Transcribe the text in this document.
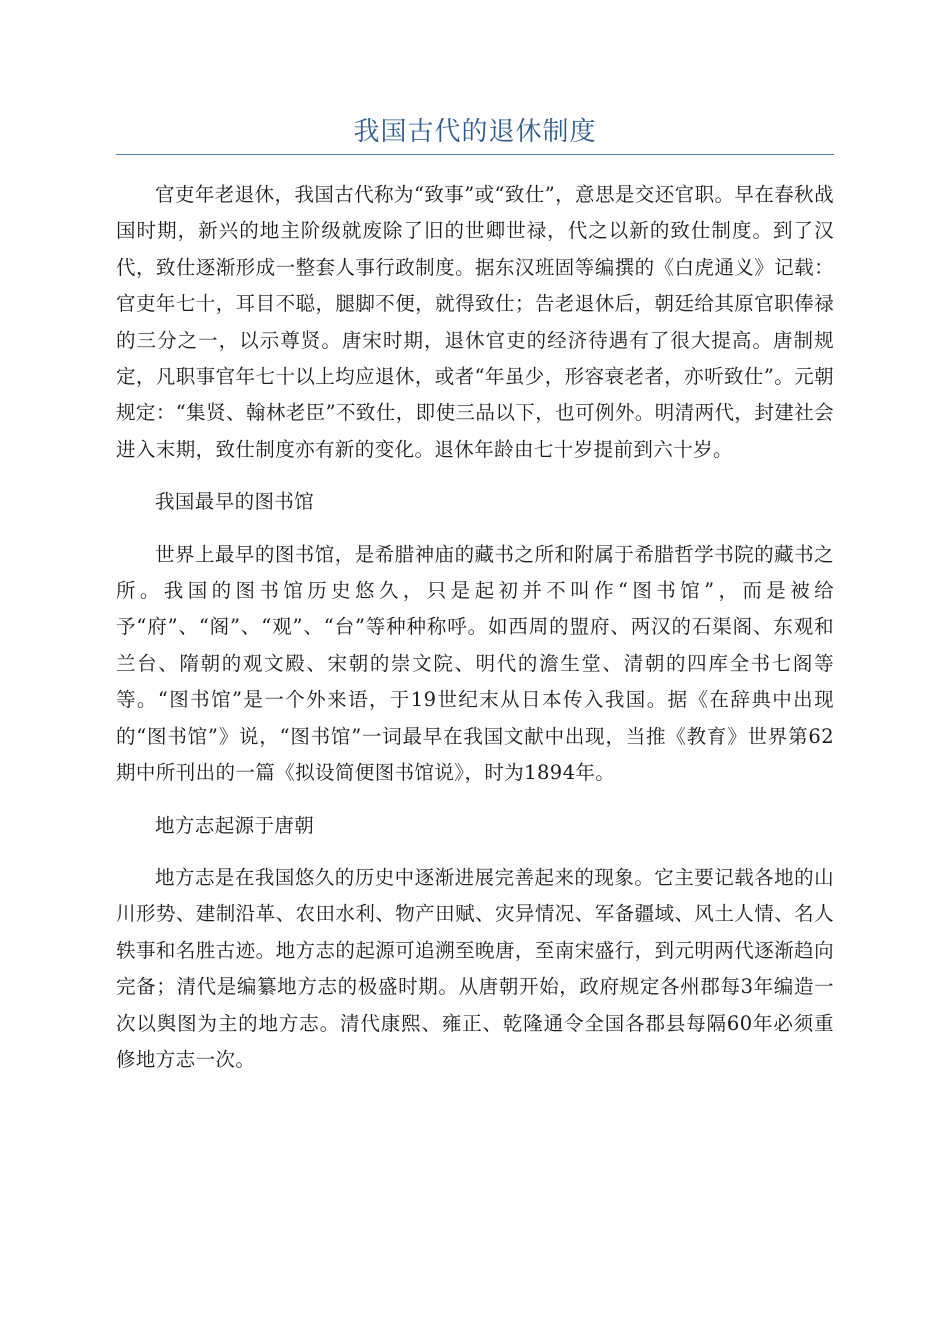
我国古代的退休制度

官吏年老退休，我国古代称为“致事”或“致仕”，意思是交还官职。早在春秋战国时期，新兴的地主阶级就废除了旧的世卿世禄，代之以新的致仕制度。到了汉代，致仕逐渐形成一整套人事行政制度。据东汉班固等编撰的《白虎通义》记载：官吏年七十，耳目不聪，腿脚不便，就得致仕；告老退休后，朝廷给其原官职俸禄的三分之一，以示尊贤。唐宋时期，退休官吏的经济待遇有了很大提高。唐制规定，凡职事官年七十以上均应退休，或者“年虽少，形容衰老者，亦听致仕”。元朝规定：“集贤、翰林老臣”不致仕，即使三品以下，也可例外。明清两代，封建社会进入末期，致仕制度亦有新的变化。退休年龄由七十岁提前到六十岁。

我国最早的图书馆

世界上最早的图书馆，是希腊神庙的藏书之所和附属于希腊哲学书院的藏书之所。我国的图书馆历史悠久，只是起初并不叫作“图书馆”，而是被给予“府”、“阁”、“观”、“台”等种种称呼。如西周的盟府、两汉的石渠阁、东观和兰台、隋朝的观文殿、宋朝的崇文院、明代的澹生堂、清朝的四库全书七阁等等。“图书馆”是一个外来语，于19世纪末从日本传入我国。据《在辞典中出现的“图书馆”》说，“图书馆”一词最早在我国文献中出现，当推《教育》世界第62期中所刊出的一篇《拟设简便图书馆说》，时为1894年。

地方志起源于唐朝

地方志是在我国悠久的历史中逐渐进展完善起来的现象。它主要记载各地的山川形势、建制沿革、农田水利、物产田赋、灾异情况、军备疆域、风土人情、名人轶事和名胜古迹。地方志的起源可追溯至晚唐，至南宋盛行，到元明两代逐渐趋向完备；清代是编纂地方志的极盛时期。从唐朝开始，政府规定各州郡每3年编造一次以舆图为主的地方志。清代康熙、雍正、乾隆通令全国各郡县每隔60年必须重修地方志一次。
